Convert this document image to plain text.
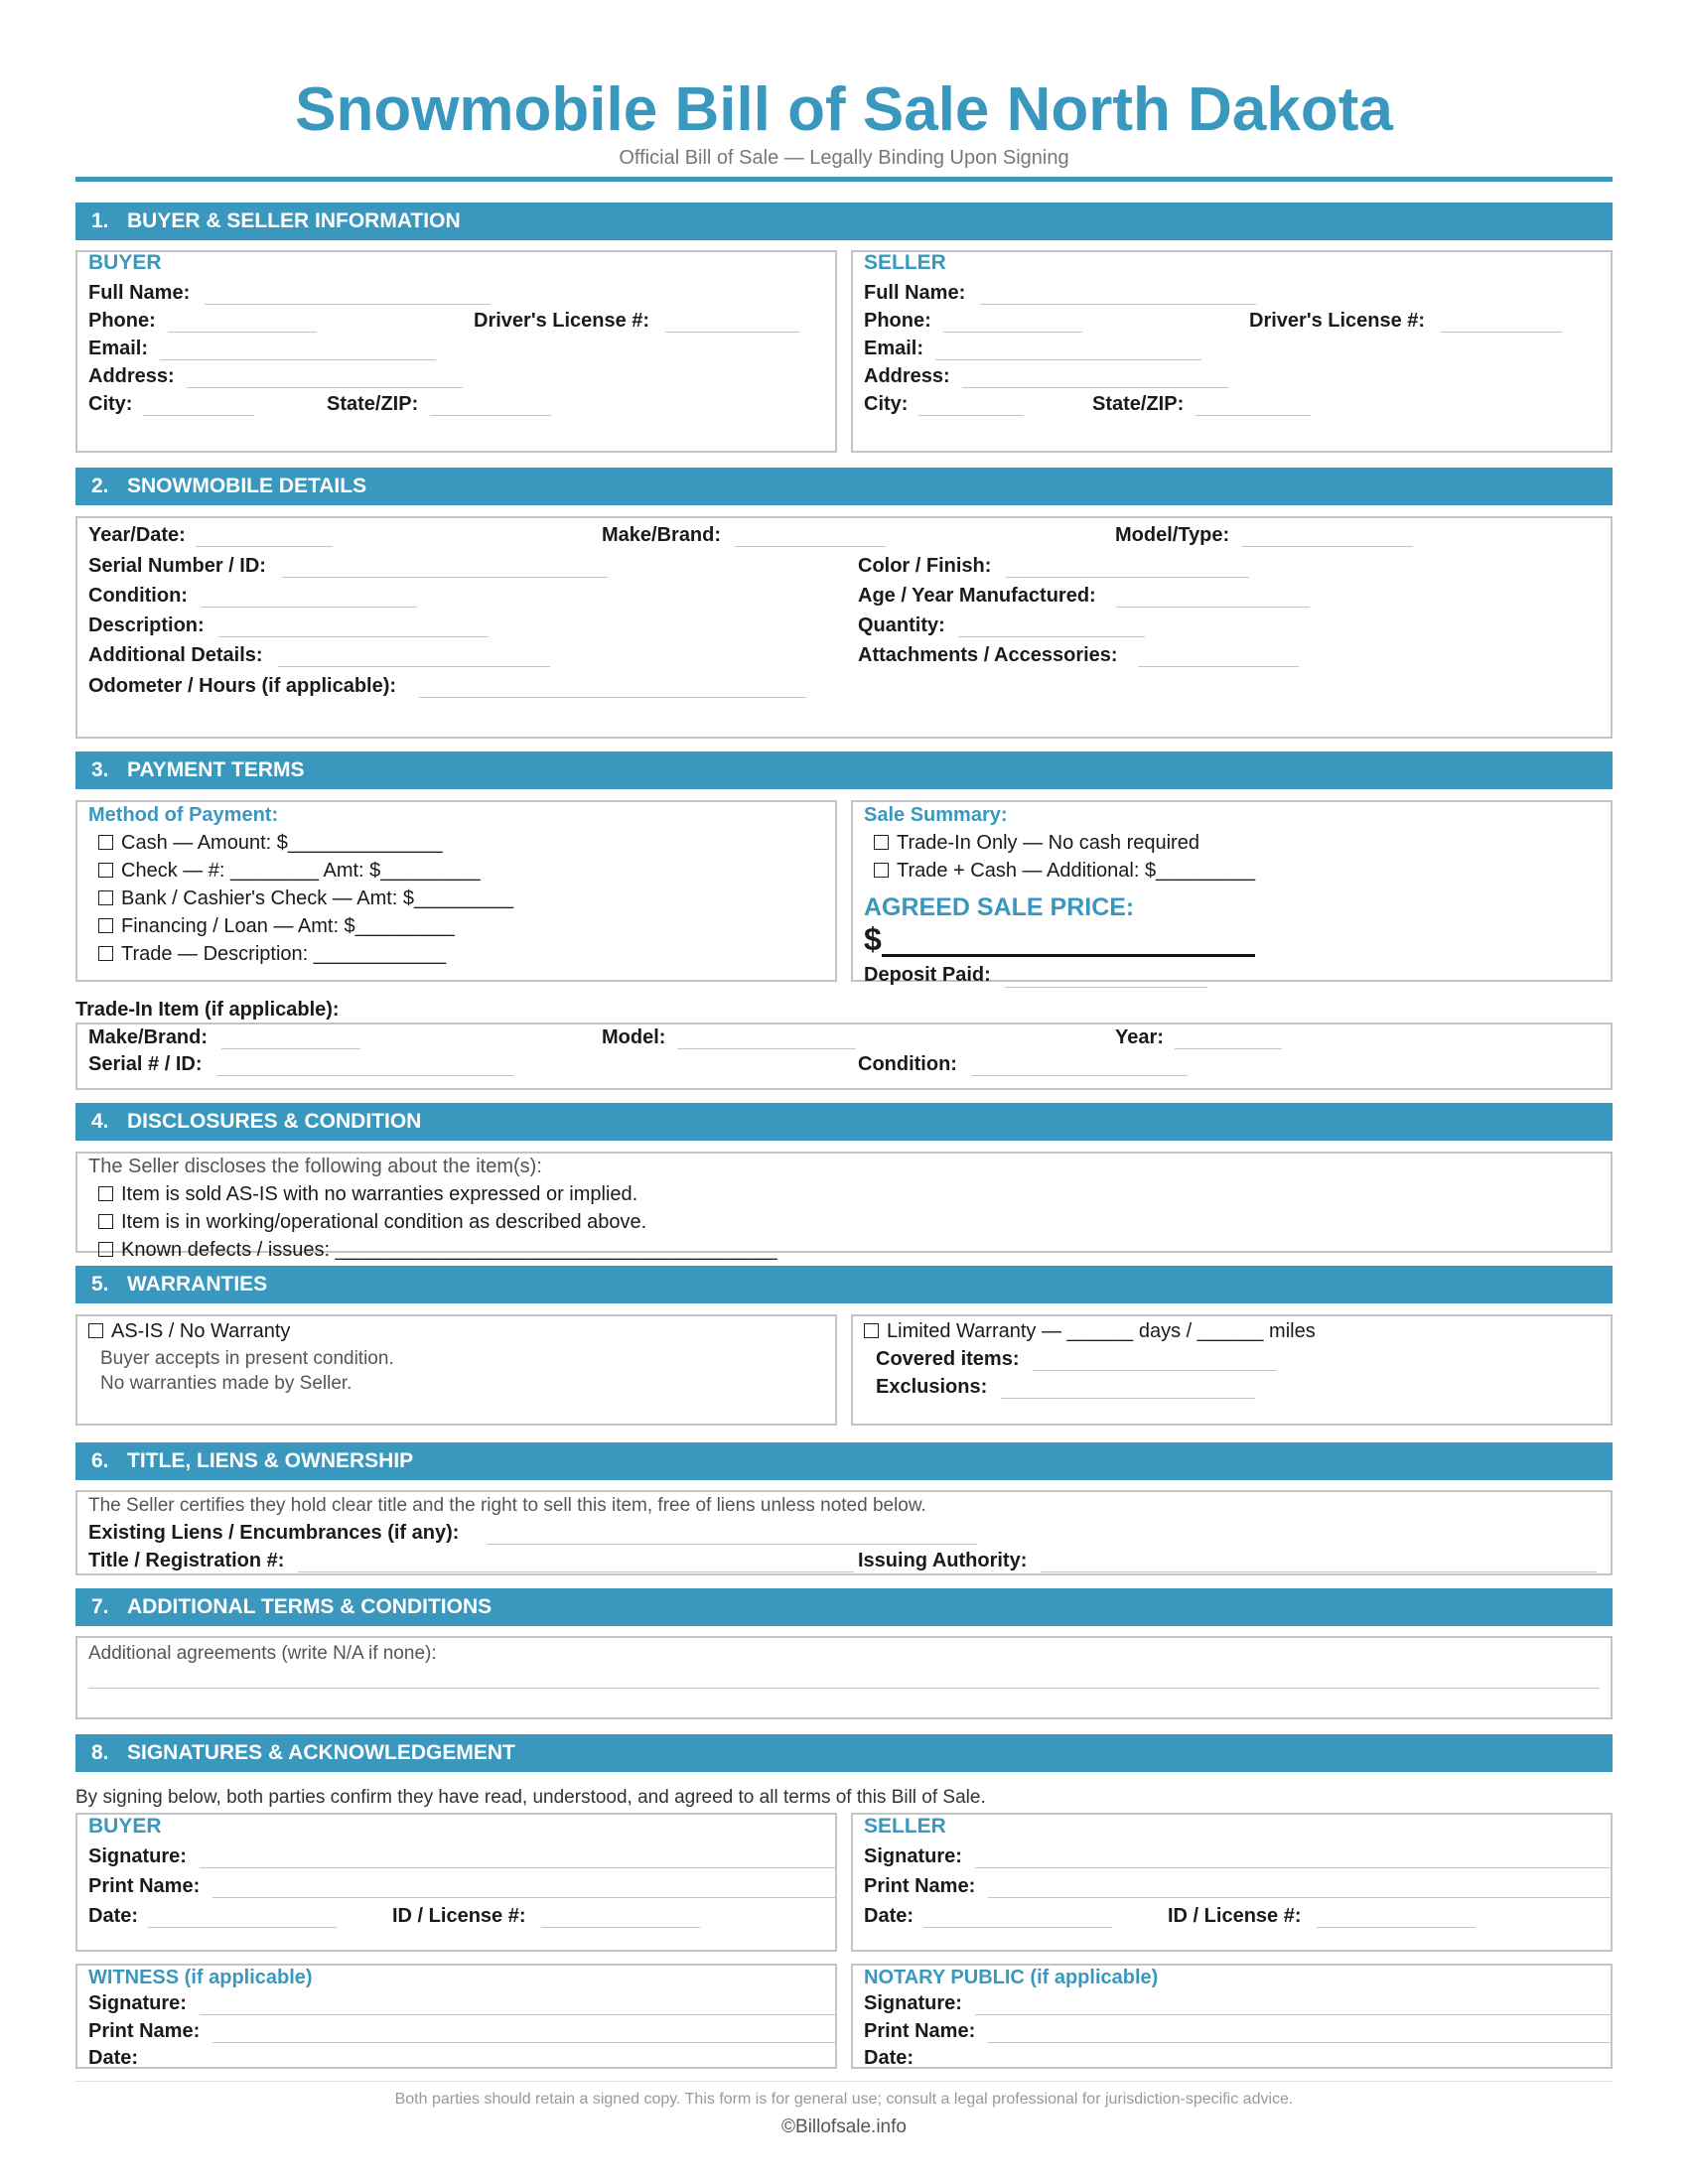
Snowmobile Bill of Sale North Dakota
Official Bill of Sale — Legally Binding Upon Signing
1. BUYER & SELLER INFORMATION
BUYER
Full Name:
Phone:	Driver's License #:
Email:
Address:
City:	State/ZIP:
SELLER
Full Name:
Phone:	Driver's License #:
Email:
Address:
City:	State/ZIP:
2. SNOWMOBILE DETAILS
Year/Date:	Make/Brand:	Model/Type:
Serial Number / ID:	Color / Finish:
Condition:	Age / Year Manufactured:
Description:	Quantity:
Additional Details:	Attachments / Accessories:
Odometer / Hours (if applicable):
3. PAYMENT TERMS
Method of Payment:
Cash — Amount: $______________
Check — #: ________ Amt: $_________
Bank / Cashier's Check — Amt: $_________
Financing / Loan — Amt: $_________
Trade — Description: ____________
Sale Summary:
Trade-In Only — No cash required
Trade + Cash — Additional: $_________
AGREED SALE PRICE:
$
Deposit Paid:
Trade-In Item (if applicable):
Make/Brand:	Model:	Year:
Serial # / ID:	Condition:
4. DISCLOSURES & CONDITION
The Seller discloses the following about the item(s):
Item is sold AS-IS with no warranties expressed or implied.
Item is in working/operational condition as described above.
Known defects / issues: ________________________________________
5. WARRANTIES
AS-IS / No Warranty
Buyer accepts in present condition.
No warranties made by Seller.
Limited Warranty — ______ days / ______ miles
Covered items:
Exclusions:
6. TITLE, LIENS & OWNERSHIP
The Seller certifies they hold clear title and the right to sell this item, free of liens unless noted below.
Existing Liens / Encumbrances (if any):
Title / Registration #:	Issuing Authority:
7. ADDITIONAL TERMS & CONDITIONS
Additional agreements (write N/A if none):
8. SIGNATURES & ACKNOWLEDGEMENT
By signing below, both parties confirm they have read, understood, and agreed to all terms of this Bill of Sale.
BUYER
Signature:
Print Name:
Date:	ID / License #:
SELLER
Signature:
Print Name:
Date:	ID / License #:
WITNESS (if applicable)
Signature:
Print Name:
Date:
NOTARY PUBLIC (if applicable)
Signature:
Print Name:
Date:
Both parties should retain a signed copy. This form is for general use; consult a legal professional for jurisdiction-specific advice.
©Billofsale.info
